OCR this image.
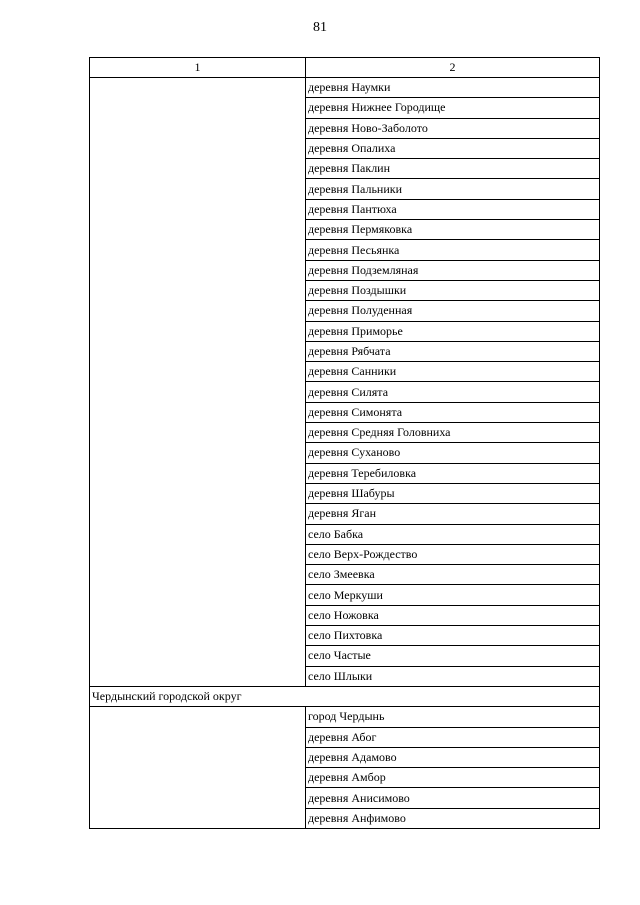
81
1	2
	деревня Наумки
	деревня Нижнее Городище
	деревня Ново-Заболото
	деревня Опалиха
	деревня Паклин
	деревня Пальники
	деревня Пантюха
	деревня Пермяковка
	деревня Песьянка
	деревня Подземляная
	деревня Поздышки
	деревня Полуденная
	деревня Приморье
	деревня Рябчата
	деревня Санники
	деревня Силята
	деревня Симонята
	деревня Средняя Головниха
	деревня Суханово
	деревня Теребиловка
	деревня Шабуры
	деревня Яган
	село Бабка
	село Верх-Рождество
	село Змеевка
	село Меркуши
	село Ножовка
	село Пихтовка
	село Частые
	село Шлыки
Чердынский городской округ	
	город Чердынь
	деревня Абог
	деревня Адамово
	деревня Амбор
	деревня Анисимово
	деревня Анфимово
